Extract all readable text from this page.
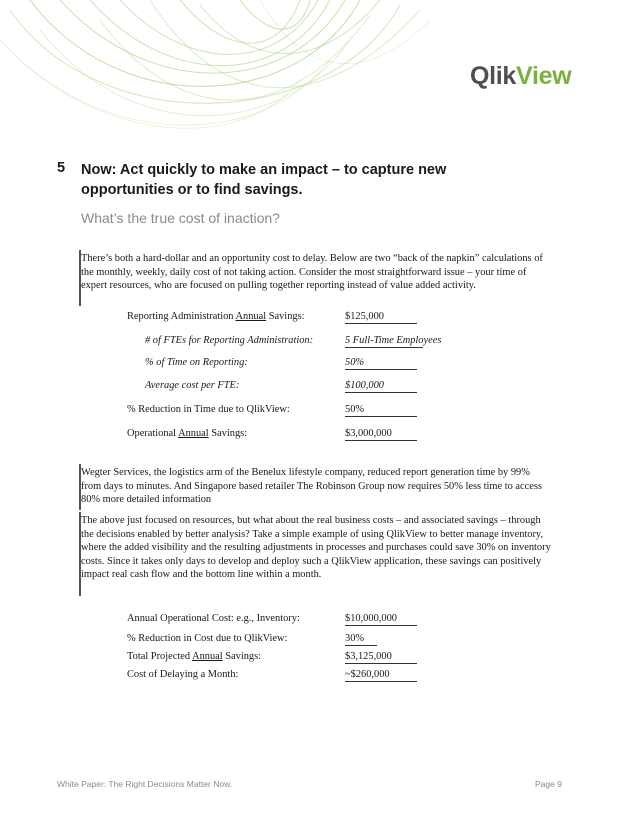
QlikView
5 Now: Act quickly to make an impact – to capture new opportunities or to find savings.
What’s the true cost of inaction?
There’s both a hard-dollar and an opportunity cost to delay. Below are two “back of the napkin” calculations of the monthly, weekly, daily cost of not taking action. Consider the most straightforward issue – your time of expert resources, who are focused on pulling together reporting instead of value added activity.
Reporting Administration Annual Savings:	$125,000
# of FTEs for Reporting Administration:	5 Full-Time Employees
% of Time on Reporting:	50%
Average cost per FTE:	$100,000
% Reduction in Time due to QlikView:	50%
Operational Annual Savings:	$3,000,000
Wegter Services, the logistics arm of the Benelux lifestyle company, reduced report generation time by 99% from days to minutes. And Singapore based retailer The Robinson Group now requires 50% less time to access 80% more detailed information
The above just focused on resources, but what about the real business costs – and associated savings – through the decisions enabled by better analysis? Take a simple example of using QlikView to better manage inventory, where the added visibility and the resulting adjustments in processes and purchases could save 30% on inventory costs. Since it takes only days to develop and deploy such a QlikView application, these savings can positively impact real cash flow and the bottom line within a month.
Annual Operational Cost: e.g., Inventory:	$10,000,000
% Reduction in Cost due to QlikView:	30%
Total Projected Annual Savings:	$3,125,000
Cost of Delaying a Month:	~$260,000
White Paper: The Right Decisions Matter Now.	Page 9
